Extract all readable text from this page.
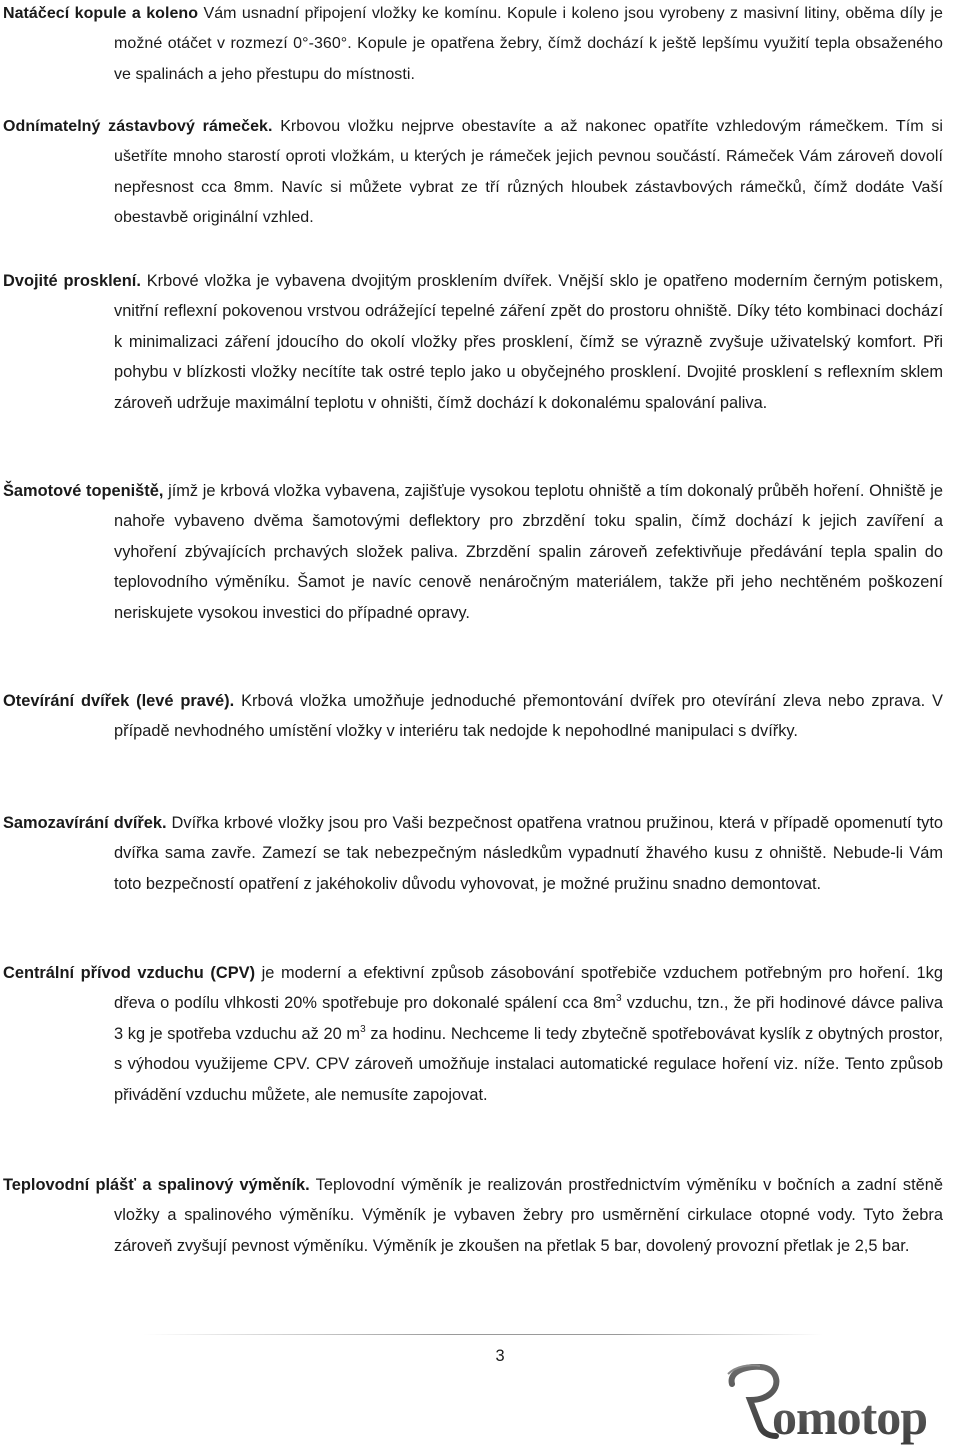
Natáčecí kopule a koleno Vám usnadní připojení vložky ke komínu. Kopule i koleno jsou vyrobeny z masivní litiny, oběma díly je možné otáčet v rozmezí 0°-360°. Kopule je opatřena žebry, čímž dochází k ještě lepšímu využití tepla obsaženého ve spalinách a jeho přestupu do místnosti.

Odnímatelný zástavbový rámeček. Krbovou vložku nejprve obestavíte a až nakonec opatříte vzhledovým rámečkem. Tím si ušetříte mnoho starostí oproti vložkám, u kterých je rámeček jejich pevnou součástí. Rámeček Vám zároveň dovolí nepřesnost cca 8mm. Navíc si můžete vybrat ze tří různých hloubek zástavbových rámečků, čímž dodáte Vaší obestavbě originální vzhled.

Dvojité prosklení. Krbové vložka je vybavena dvojitým prosklením dvířek. Vnější sklo je opatřeno moderním černým potiskem, vnitřní reflexní pokovenou vrstvou odrážející tepelné záření zpět do prostoru ohniště. Díky této kombinaci dochází k minimalizaci záření jdoucího do okolí vložky přes prosklení, čímž se výrazně zvyšuje uživatelský komfort. Při pohybu v blízkosti vložky necítíte tak ostré teplo jako u obyčejného prosklení. Dvojité prosklení s reflexním sklem zároveň udržuje maximální teplotu v ohništi, čímž dochází k dokonalému spalování paliva.

Šamotové topeniště, jímž je krbová vložka vybavena, zajišťuje vysokou teplotu ohniště a tím dokonalý průběh hoření. Ohniště je nahoře vybaveno dvěma šamotovými deflektory pro zbrzdění toku spalin, čímž dochází k jejich zavíření a vyhoření zbývajících prchavých složek paliva. Zbrzdění spalin zároveň zefektivňuje předávání tepla spalin do teplovodního výměníku. Šamot je navíc cenově nenáročným materiálem, takže při jeho nechtěném poškození neriskujete vysokou investici do případné opravy.

Otevírání dvířek (levé pravé). Krbová vložka umožňuje jednoduché přemontování dvířek pro otevírání zleva nebo zprava. V případě nevhodného umístění vložky v interiéru tak nedojde k nepohodlné manipulaci s dvířky.

Samozavírání dvířek. Dvířka krbové vložky jsou pro Vaši bezpečnost opatřena vratnou pružinou, která v případě opomenutí tyto dvířka sama zavře. Zamezí se tak nebezpečným následkům vypadnutí žhavého kusu z ohniště. Nebude-li Vám toto bezpečností opatření z jakéhokoliv důvodu vyhovovat, je možné pružinu snadno demontovat.

Centrální přívod vzduchu (CPV) je moderní a efektivní způsob zásobování spotřebiče vzduchem potřebným pro hoření. 1kg dřeva o podílu vlhkosti 20% spotřebuje pro dokonalé spálení cca $8m^3$ vzduchu, tzn., že při hodinové dávce paliva 3 kg je spotřeba vzduchu až 20 $m^3$ za hodinu. Nechceme li tedy zbytečně spotřebovávat kyslík z obytných prostor, s výhodou využijeme CPV. CPV zároveň umožňuje instalaci automatické regulace hoření viz. níže. Tento způsob přivádění vzduchu můžete, ale nemusíte zapojovat.

Teplovodní plášť a spalinový výměník. Teplovodní výměník je realizován prostřednictvím výměníku v bočních a zadní stěně vložky a spalinového výměníku. Výměník je vybaven žebry pro usměrnění cirkulace otopné vody. Tyto žebra zároveň zvyšují pevnost výměníku. Výměník je zkoušen na přetlak 5 bar, dovolený provozní přetlak je 2,5 bar.

3
omotop
